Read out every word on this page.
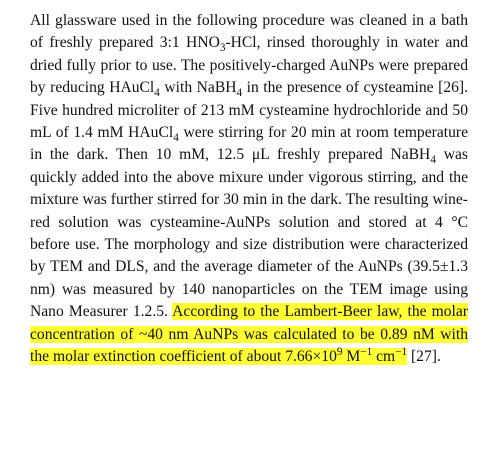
All glassware used in the following procedure was cleaned in a bath of freshly prepared 3:1 $HNO_3$-HCl, rinsed thoroughly in water and dried fully prior to use. The positively-charged AuNPs were prepared by reducing HAuCl$_4$ with NaBH$_4$ in the presence of cysteamine [26]. Five hundred microliter of 213 mM cysteamine hydrochloride and 50 mL of 1.4 mM HAuCl$_4$ were stirring for 20 min at room temperature in the dark. Then 10 mM, 12.5 μL freshly prepared NaBH$_4$ was quickly added into the above mixure under vigorous stirring, and the mixture was further stirred for 30 min in the dark. The resulting wine-red solution was cysteamine-AuNPs solution and stored at 4 °C before use. The morphology and size distribution were characterized by TEM and DLS, and the average diameter of the AuNPs (39.5±1.3 nm) was measured by 140 nanoparticles on the TEM image using Nano Measurer 1.2.5. According to the Lambert-Beer law, the molar concentration of ~40 nm AuNPs was calculated to be 0.89 nM with the molar extinction coefficient of about $7.66\times 10^9$ $M^{-1}$ $cm^{-1}$ [27].
